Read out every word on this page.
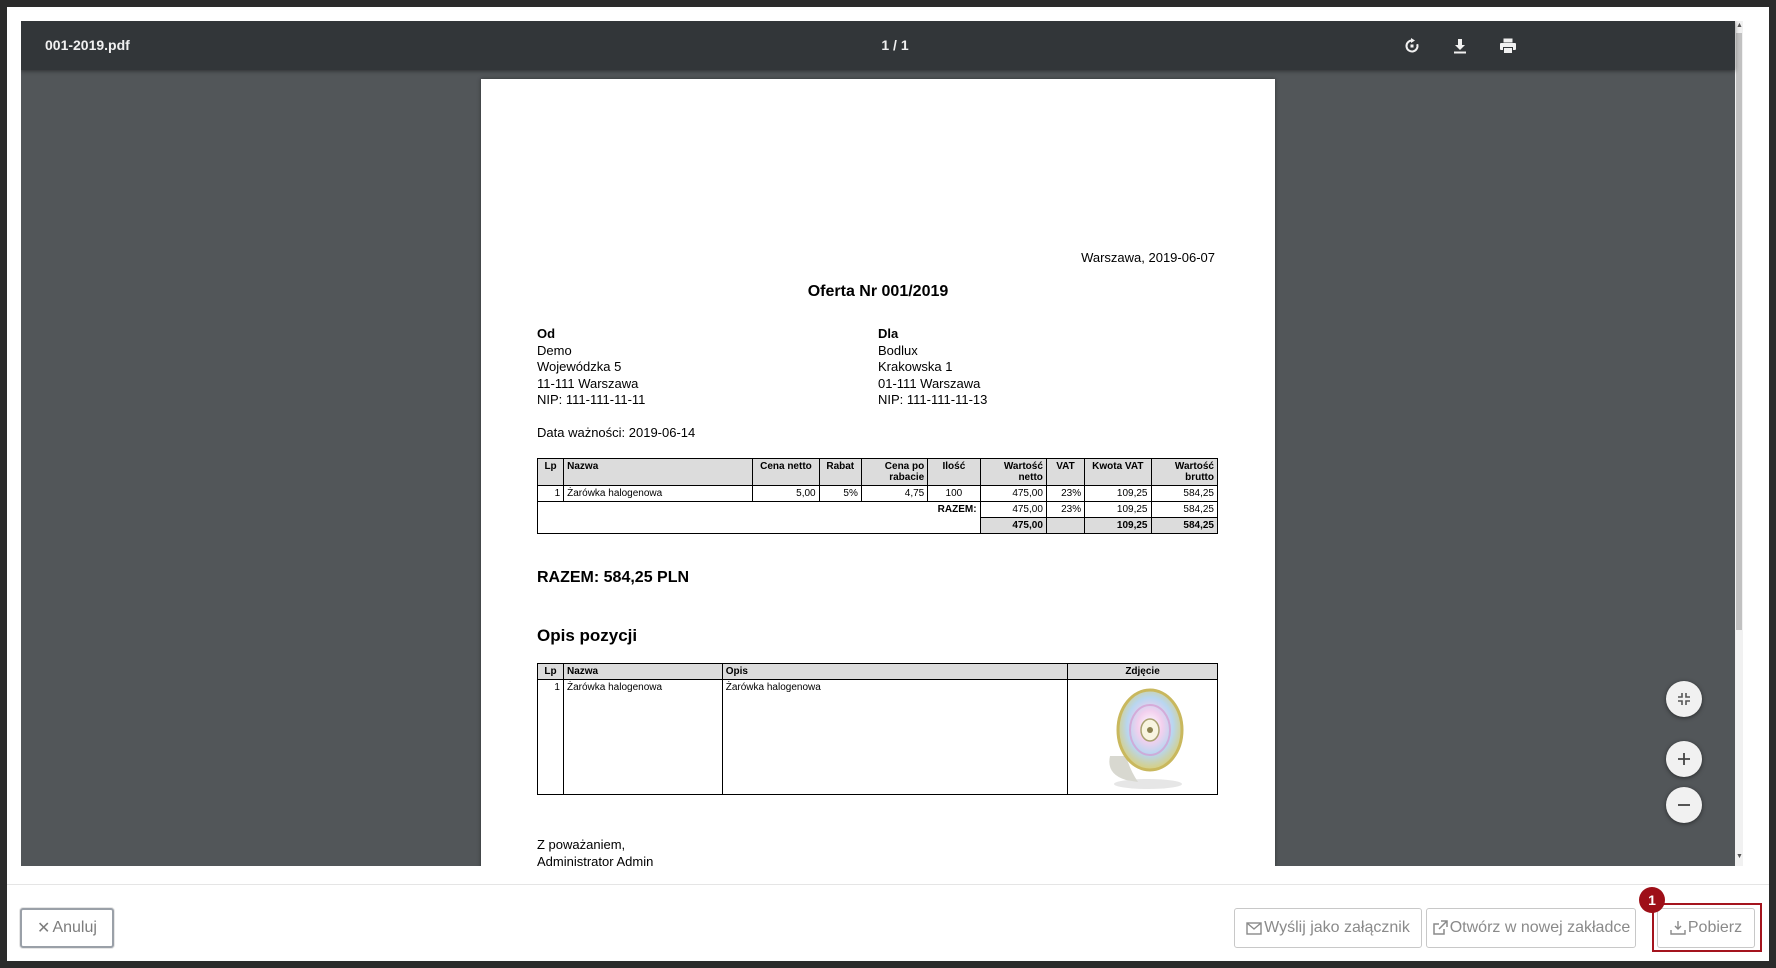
001-2019.pdf	1 / 1
Warszawa, 2019-06-07
Oferta Nr 001/2019
Od
Demo
Wojewódzka 5
11-111 Warszawa
NIP: 111-111-11-11
Dla
Bodlux
Krakowska 1
01-111 Warszawa
NIP: 111-111-11-13
Data ważności: 2019-06-14
Lp	Nazwa	Cena netto	Rabat	Cena po rabacie	Ilość	Wartość netto	VAT	Kwota VAT	Wartość brutto
1	Żarówka halogenowa	5,00	5%	4,75	100	475,00	23%	109,25	584,25
RAZEM:						475,00	23%	109,25	584,25
						475,00		109,25	584,25
RAZEM: 584,25 PLN
Opis pozycji
Lp	Nazwa	Opis	Zdjęcie
1	Żarówka halogenowa	Żarówka halogenowa	
Z poważaniem,
Administrator Admin
▲
▼
✕ Anuluj	Wyślij jako załącznik Otwórz w nowej zakładce	Pobierz
1
